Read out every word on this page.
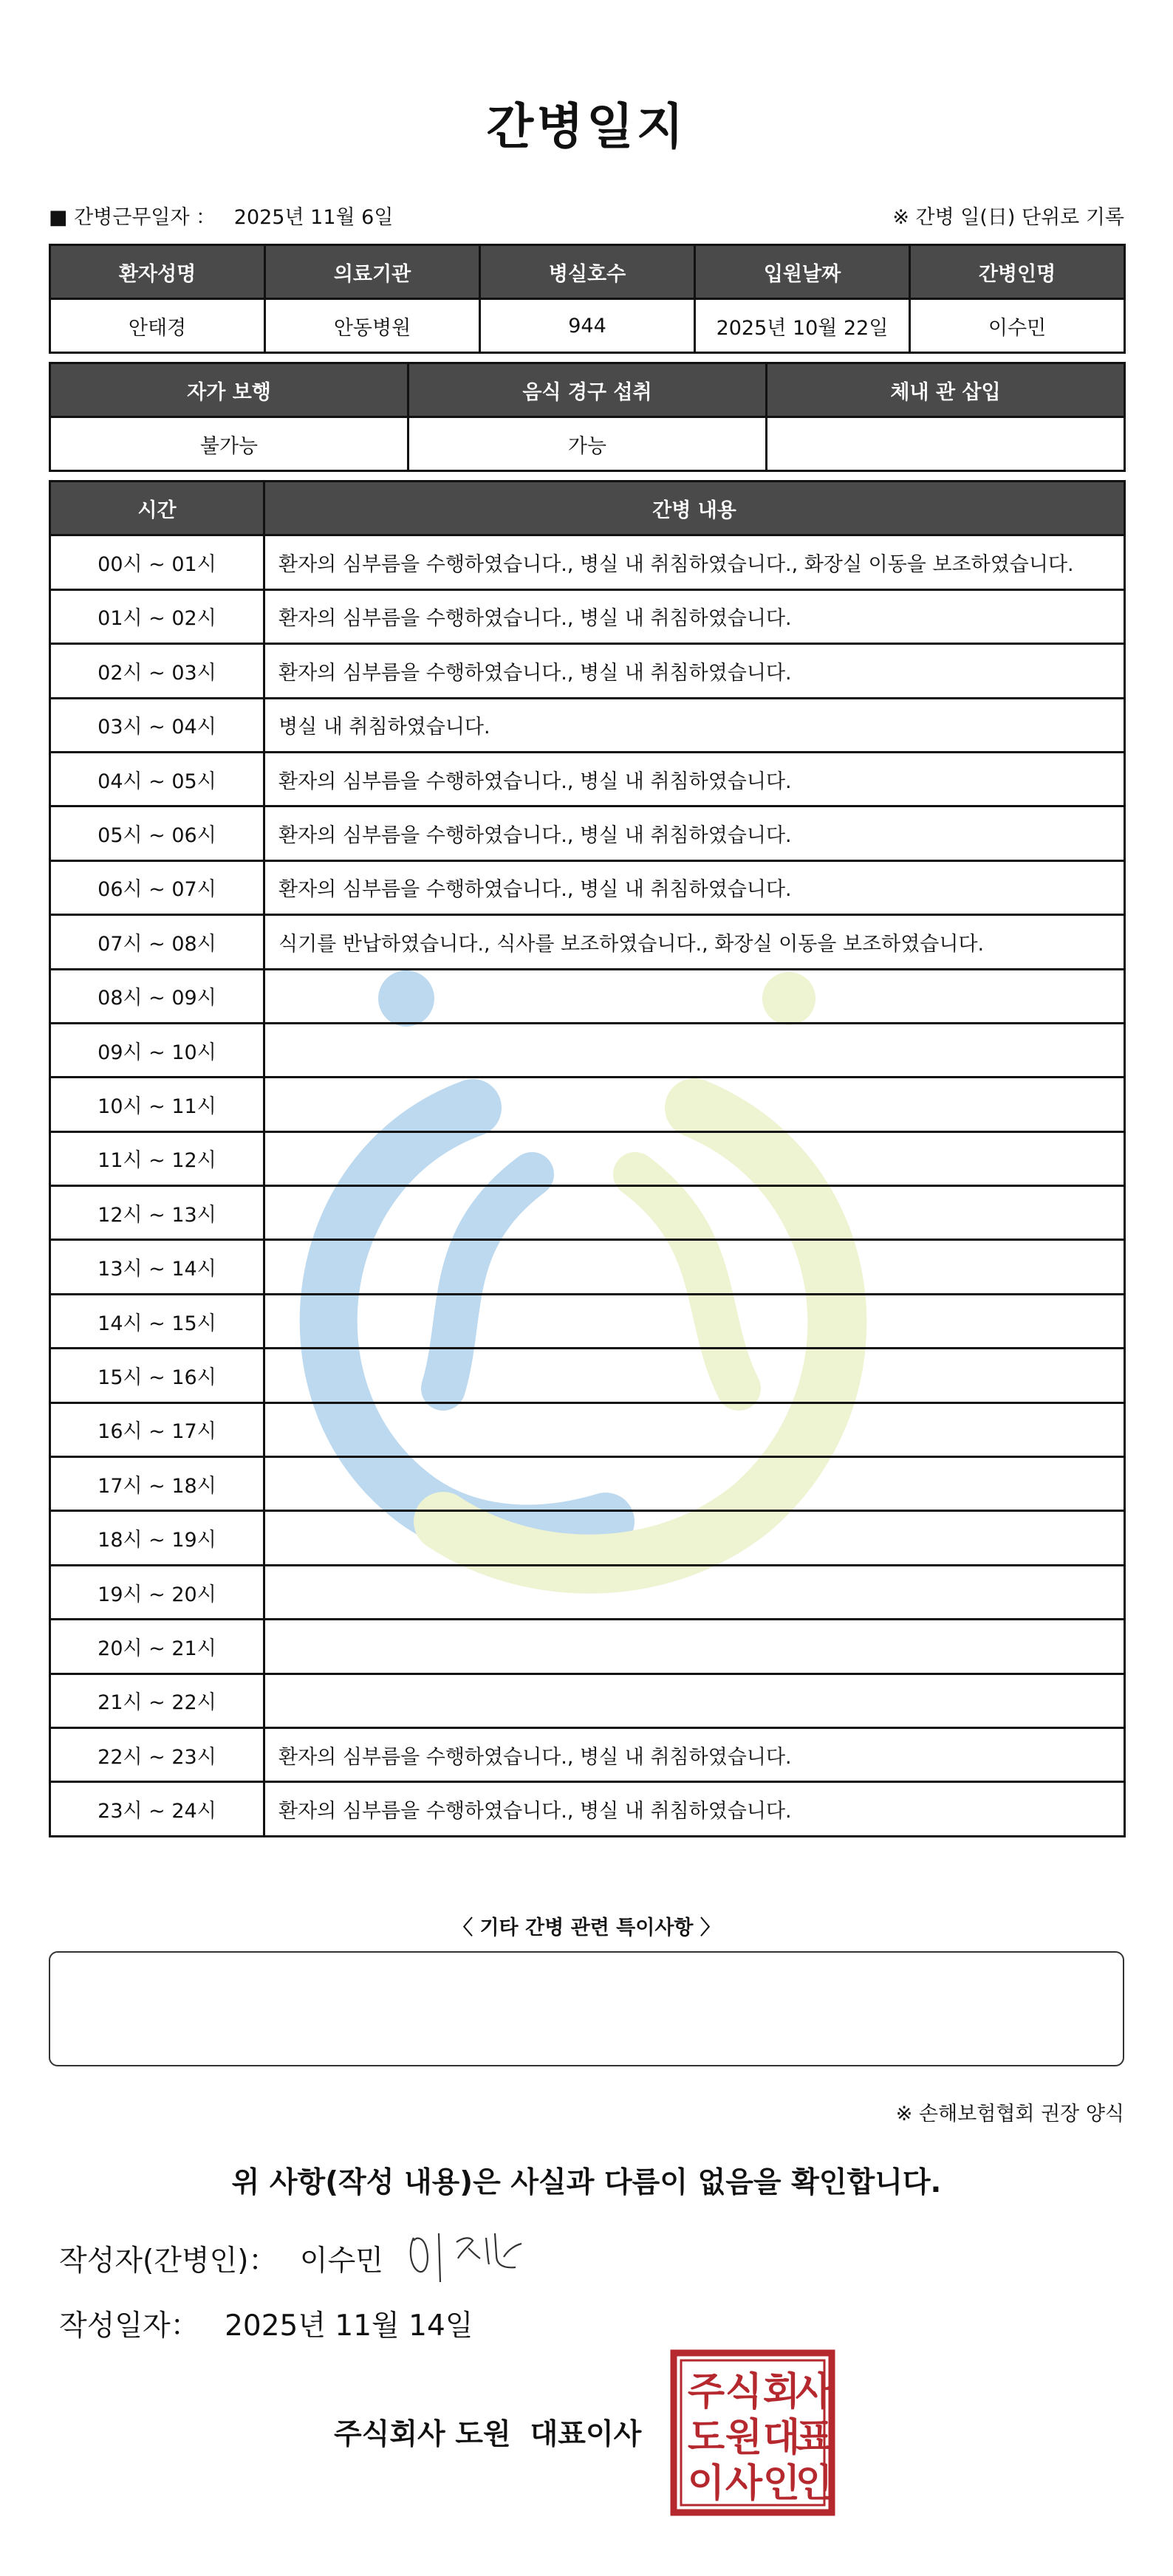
간병일지
■ 간병근무일자 ： 2025년 11월 6일	※ 간병 일(日) 단위로 기록
환자성명	의료기관	병실호수	입원날짜	간병인명
안태경	안동병원	944	2025년 10월 22일	이수민
자가 보행	음식 경구 섭취	체내 관 삽입
불가능	가능	
시간	간병 내용
00시 ~ 01시	환자의 심부름을 수행하였습니다., 병실 내 취침하였습니다., 화장실 이동을 보조하였습니다.
01시 ~ 02시	환자의 심부름을 수행하였습니다., 병실 내 취침하였습니다.
02시 ~ 03시	환자의 심부름을 수행하였습니다., 병실 내 취침하였습니다.
03시 ~ 04시	병실 내 취침하였습니다.
04시 ~ 05시	환자의 심부름을 수행하였습니다., 병실 내 취침하였습니다.
05시 ~ 06시	환자의 심부름을 수행하였습니다., 병실 내 취침하였습니다.
06시 ~ 07시	환자의 심부름을 수행하였습니다., 병실 내 취침하였습니다.
07시 ~ 08시	식기를 반납하였습니다., 식사를 보조하였습니다., 화장실 이동을 보조하였습니다.
08시 ~ 09시	
09시 ~ 10시	
10시 ~ 11시	
11시 ~ 12시	
12시 ~ 13시	
13시 ~ 14시	
14시 ~ 15시	
15시 ~ 16시	
16시 ~ 17시	
17시 ~ 18시	
18시 ~ 19시	
19시 ~ 20시	
20시 ~ 21시	
21시 ~ 22시	
22시 ~ 23시	환자의 심부름을 수행하였습니다., 병실 내 취침하였습니다.
23시 ~ 24시	환자의 심부름을 수행하였습니다., 병실 내 취침하였습니다.
〈 기타 간병 관련 특이사항 〉
※ 손해보험협회 권장 양식
위 사항(작성 내용)은 사실과 다름이 없음을 확인합니다.
작성자(간병인)： 이수민
작성일자： 2025년 11월 14일
주식회사 도원 대표이사
주 식 회
사
도 원 대
표
이 사 인
인
